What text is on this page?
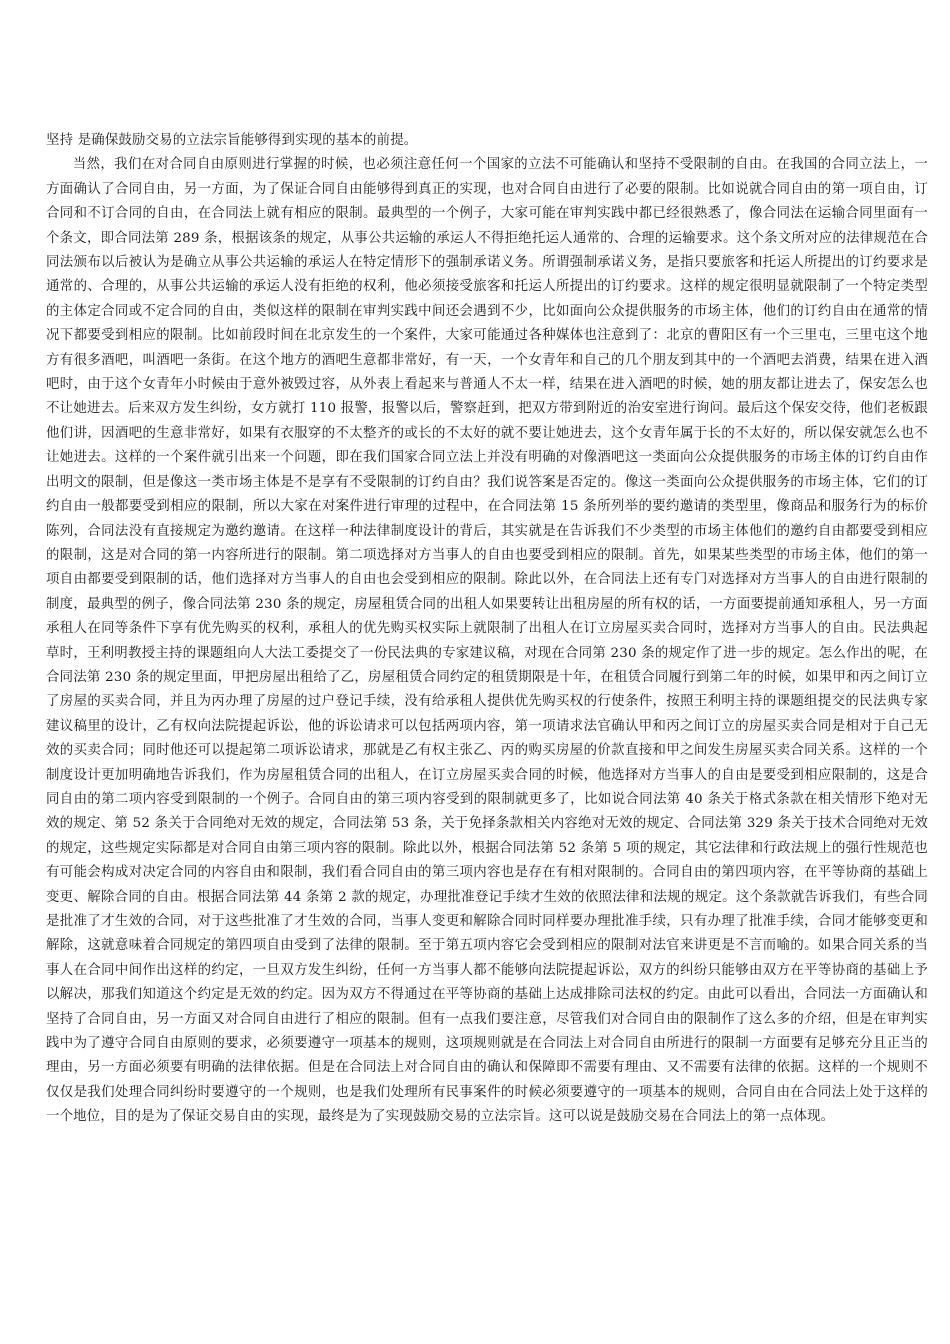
坚持 是确保鼓励交易的立法宗旨能够得到实现的基本的前提。

当然，我们在对合同自由原则进行掌握的时候，也必须注意任何一个国家的立法不可能确认和坚持不受限制的自由。在我国的合同立法上，一方面确认了合同自由，另一方面，为了保证合同自由能够得到真正的实现，也对合同自由进行了必要的限制。比如说就合同自由的第一项自由，订合同和不订合同的自由，在合同法上就有相应的限制。最典型的一个例子，大家可能在审判实践中都已经很熟悉了，像合同法在运输合同里面有一个条文，即合同法第 289 条，根据该条的规定，从事公共运输的承运人不得拒绝托运人通常的、合理的运输要求。这个条文所对应的法律规范在合同法颁布以后被认为是确立从事公共运输的承运人在特定情形下的强制承诺义务。所谓强制承诺义务，是指只要旅客和托运人所提出的订约要求是通常的、合理的，从事公共运输的承运人没有拒绝的权利，他必须接受旅客和托运人所提出的订约要求。这样的规定很明显就限制了一个特定类型的主体定合同或不定合同的自由，类似这样的限制在审判实践中间还会遇到不少，比如面向公众提供服务的市场主体，他们的订约自由在通常的情况下都要受到相应的限制。比如前段时间在北京发生的一个案件，大家可能通过各种媒体也注意到了：北京的曹阳区有一个三里屯，三里屯这个地方有很多酒吧，叫酒吧一条街。在这个地方的酒吧生意都非常好，有一天，一个女青年和自己的几个朋友到其中的一个酒吧去消费，结果在进入酒吧时，由于这个女青年小时候由于意外被毁过容，从外表上看起来与普通人不太一样，结果在进入酒吧的时候，她的朋友都让进去了，保安怎么也不让她进去。后来双方发生纠纷，女方就打 110 报警，报警以后，警察赶到，把双方带到附近的治安室进行询问。最后这个保安交待，他们老板跟他们讲，因酒吧的生意非常好，如果有衣服穿的不太整齐的或长的不太好的就不要让她进去，这个女青年属于长的不太好的，所以保安就怎么也不让她进去。这样的一个案件就引出来一个问题，即在我们国家合同立法上并没有明确的对像酒吧这一类面向公众提供服务的市场主体的订约自由作出明文的限制，但是像这一类市场主体是不是享有不受限制的订约自由？我们说答案是否定的。像这一类面向公众提供服务的市场主体，它们的订约自由一般都要受到相应的限制，所以大家在对案件进行审理的过程中，在合同法第 15 条所列举的要约邀请的类型里，像商品和服务行为的标价陈列，合同法没有直接规定为邀约邀请。在这样一种法律制度设计的背后，其实就是在告诉我们不少类型的市场主体他们的邀约自由都要受到相应的限制，这是对合同的第一内容所进行的限制。第二项选择对方当事人的自由也要受到相应的限制。首先，如果某些类型的市场主体，他们的第一项自由都要受到限制的话，他们选择对方当事人的自由也会受到相应的限制。除此以外，在合同法上还有专门对选择对方当事人的自由进行限制的制度，最典型的例子，像合同法第 230 条的规定，房屋租赁合同的出租人如果要转让出租房屋的所有权的话，一方面要提前通知承租人，另一方面承租人在同等条件下享有优先购买的权利，承租人的优先购买权实际上就限制了出租人在订立房屋买卖合同时，选择对方当事人的自由。民法典起草时，王利明教授主持的课题组向人大法工委提交了一份民法典的专家建议稿，对现在合同第 230 条的规定作了进一步的规定。怎么作出的呢，在合同法第 230 条的规定里面，甲把房屋出租给了乙，房屋租赁合同约定的租赁期限是十年，在租赁合同履行到第二年的时候，如果甲和丙之间订立了房屋的买卖合同，并且为丙办理了房屋的过户登记手续，没有给承租人提供优先购买权的行使条件，按照王利明主持的课题组提交的民法典专家建议稿里的设计，乙有权向法院提起诉讼，他的诉讼请求可以包括两项内容，第一项请求法官确认甲和丙之间订立的房屋买卖合同是相对于自己无效的买卖合同；同时他还可以提起第二项诉讼请求，那就是乙有权主张乙、丙的购买房屋的价款直接和甲之间发生房屋买卖合同关系。这样的一个制度设计更加明确地告诉我们，作为房屋租赁合同的出租人，在订立房屋买卖合同的时候，他选择对方当事人的自由是要受到相应限制的，这是合同自由的第二项内容受到限制的一个例子。合同自由的第三项内容受到的限制就更多了，比如说合同法第 40 条关于格式条款在相关情形下绝对无效的规定、第 52 条关于合同绝对无效的规定，合同法第 53 条，关于免择条款相关内容绝对无效的规定、合同法第 329 条关于技术合同绝对无效的规定，这些规定实际都是对合同自由第三项内容的限制。除此以外，根据合同法第 52 条第 5 项的规定，其它法律和行政法规上的强行性规范也有可能会构成对决定合同的内容自由和限制，我们看合同自由的第三项内容也是存在有相对限制的。合同自由的第四项内容，在平等协商的基础上变更、解除合同的自由。根据合同法第 44 条第 2 款的规定，办理批准登记手续才生效的依照法律和法规的规定。这个条款就告诉我们，有些合同是批准了才生效的合同，对于这些批准了才生效的合同，当事人变更和解除合同时同样要办理批准手续，只有办理了批准手续，合同才能够变更和解除，这就意味着合同规定的第四项自由受到了法律的限制。至于第五项内容它会受到相应的限制对法官来讲更是不言而喻的。如果合同关系的当事人在合同中间作出这样的约定，一旦双方发生纠纷，任何一方当事人都不能够向法院提起诉讼，双方的纠纷只能够由双方在平等协商的基础上予以解决，那我们知道这个约定是无效的约定。因为双方不得通过在平等协商的基础上达成排除司法权的约定。由此可以看出，合同法一方面确认和坚持了合同自由，另一方面又对合同自由进行了相应的限制。但有一点我们要注意，尽管我们对合同自由的限制作了这么多的介绍，但是在审判实践中为了遵守合同自由原则的要求，必须要遵守一项基本的规则，这项规则就是在合同法上对合同自由所进行的限制一方面要有足够充分且正当的理由，另一方面必须要有明确的法律依据。但是在合同法上对合同自由的确认和保障即不需要有理由、又不需要有法律的依据。这样的一个规则不仅仅是我们处理合同纠纷时要遵守的一个规则，也是我们处理所有民事案件的时候必须要遵守的一项基本的规则，合同自由在合同法上处于这样的一个地位，目的是为了保证交易自由的实现，最终是为了实现鼓励交易的立法宗旨。这可以说是鼓励交易在合同法上的第一点体现。
